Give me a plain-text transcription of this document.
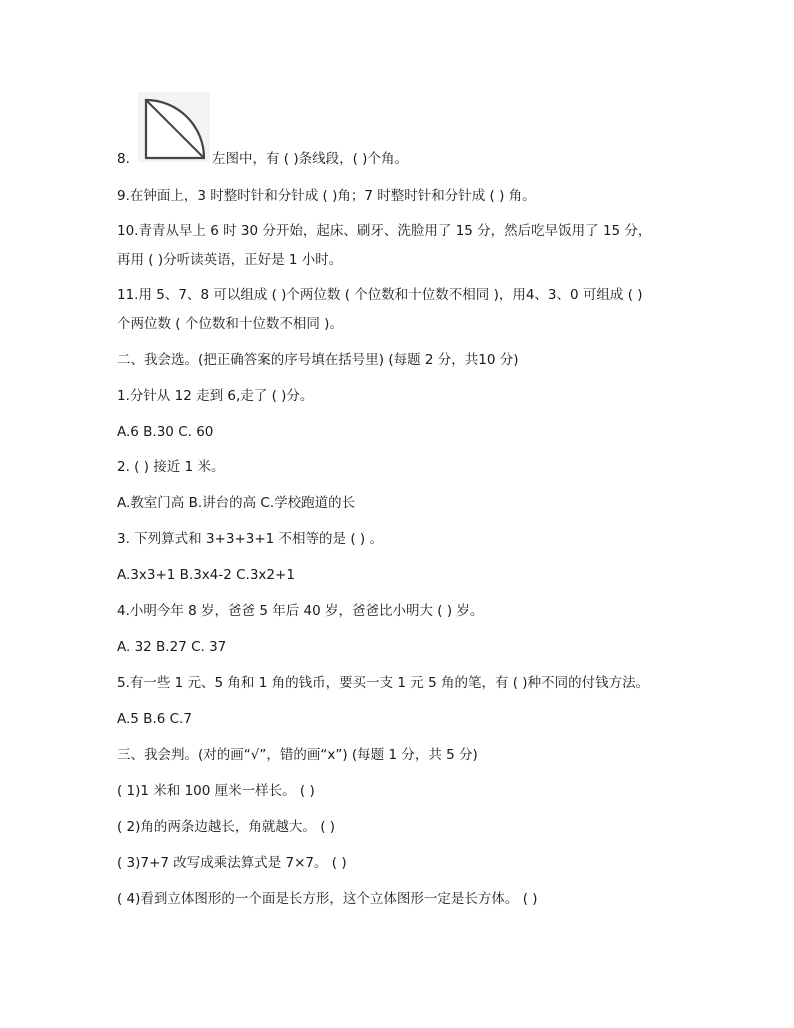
8.	左图中，有 ( )条线段，( )个角。
9.在钟面上，3 时整时针和分针成 ( )角；7 时整时针和分针成 ( ) 角。
10.青青从早上 6 时 30 分开始，起床、刷牙、洗脸用了 15 分，然后吃早饭用了 15 分，
再用 ( )分听读英语，正好是 1 小时。
11.用 5、7、8 可以组成 ( )个两位数 ( 个位数和十位数不相同 )，用4、3、0 可组成 ( )
个两位数 ( 个位数和十位数不相同 )。
二、我会选。(把正确答案的序号填在括号里) (每题 2 分，共10 分)
1.分针从 12 走到 6,走了 ( )分。
A.6 B.30 C. 60
2. ( ) 接近 1 米。
A.教室门高 B.讲台的高 C.学校跑道的长
3. 下列算式和 3+3+3+1 不相等的是 ( ) 。
A.3x3+1 B.3x4-2 C.3x2+1
4.小明今年 8 岁，爸爸 5 年后 40 岁，爸爸比小明大 ( ) 岁。
A. 32 B.27 C. 37
5.有一些 1 元、5 角和 1 角的钱币，要买一支 1 元 5 角的笔，有 ( )种不同的付钱方法。
A.5 B.6 C.7
三、我会判。(对的画“√”，错的画“x”) (每题 1 分，共 5 分)
( 1)1 米和 100 厘米一样长。 ( )
( 2)角的两条边越长，角就越大。 ( )
( 3)7+7 改写成乘法算式是 7×7。 ( )
( 4)看到立体图形的一个面是长方形，这个立体图形一定是长方体。 ( )
